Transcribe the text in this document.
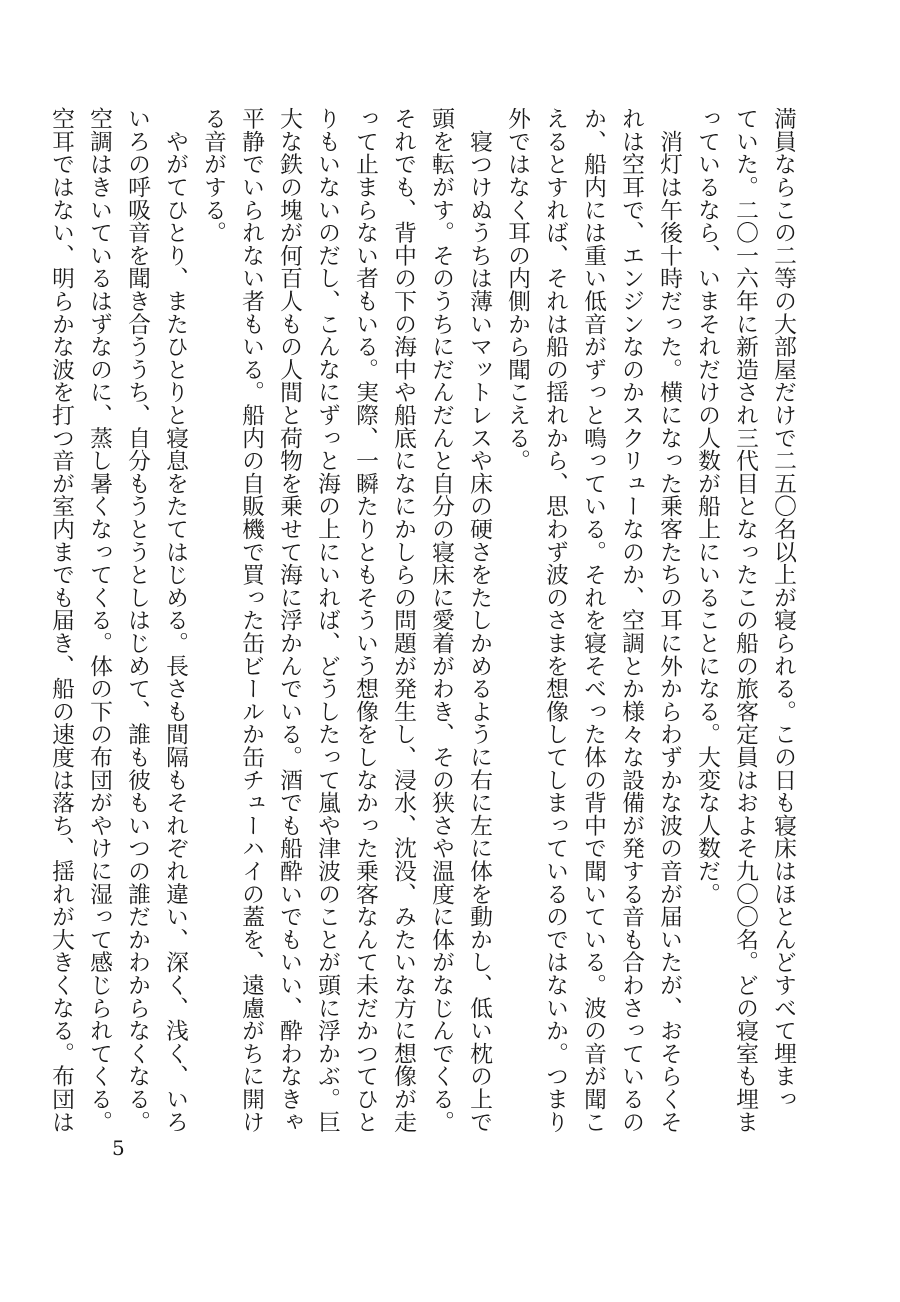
満員ならこの二等の大部屋だけで二五〇名以上が寝られる。この日も寝床はほとんどすべて埋まっ
ていた。二〇一六年に新造され三代目となったこの船の旅客定員はおよそ九〇〇名。どの寝室も埋ま
っているなら、いまそれだけの人数が船上にいることになる。大変な人数だ。
　消灯は午後十時だった。横になった乗客たちの耳に外からわずかな波の音が届いたが、おそらくそ
れは空耳で、エンジンなのかスクリューなのか、空調とか様々な設備が発する音も合わさっているの
か、船内には重い低音がずっと鳴っている。それを寝そべった体の背中で聞いている。波の音が聞こ
えるとすれば、それは船の揺れから、思わず波のさまを想像してしまっているのではないか。つまり
外ではなく耳の内側から聞こえる。
　寝つけぬうちは薄いマットレスや床の硬さをたしかめるように右に左に体を動かし、低い枕の上で
頭を転がす。そのうちにだんだんと自分の寝床に愛着がわき、その狭さや温度に体がなじんでくる。
それでも、背中の下の海中や船底になにかしらの問題が発生し、浸水、沈没、みたいな方に想像が走
って止まらない者もいる。実際、一瞬たりともそういう想像をしなかった乗客なんて未だかつてひと
りもいないのだし、こんなにずっと海の上にいれば、どうしたって嵐や津波のことが頭に浮かぶ。巨
大な鉄の塊が何百人もの人間と荷物を乗せて海に浮かんでいる。酒でも船酔いでもいい、酔わなきゃ
平静でいられない者もいる。船内の自販機で買った缶ビールか缶チューハイの蓋を、遠慮がちに開け
る音がする。
　やがてひとり、またひとりと寝息をたてはじめる。長さも間隔もそれぞれ違い、深く、浅く、いろ
いろの呼吸音を聞き合ううち、自分もうとうとしはじめて、誰も彼もいつの誰だかわからなくなる。
空調はきいているはずなのに、蒸し暑くなってくる。体の下の布団がやけに湿って感じられてくる。
空耳ではない、明らかな波を打つ音が室内までも届き、船の速度は落ち、揺れが大きくなる。布団は
5
